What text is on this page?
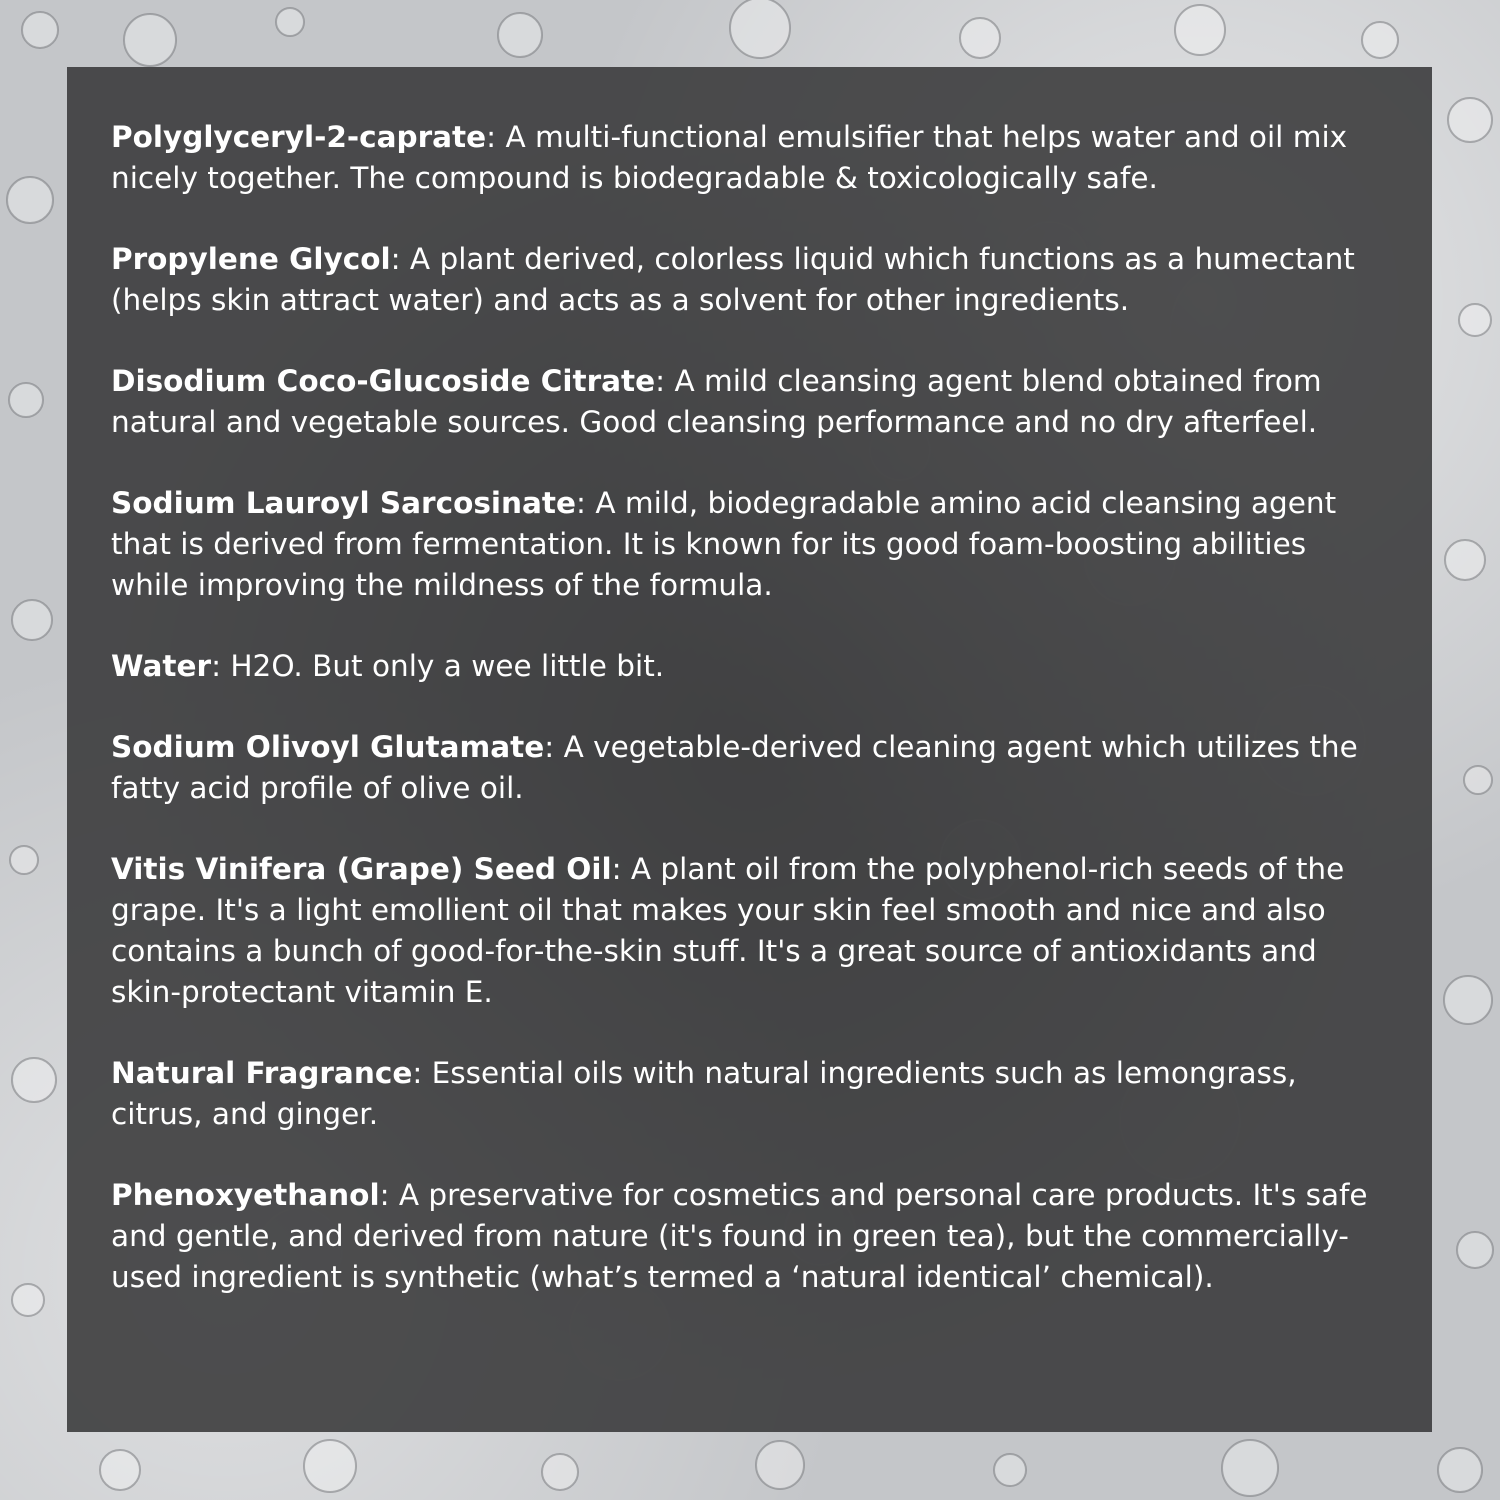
Polyglyceryl-2-caprate: A multi-functional emulsifier that helps water and oil mix nicely together. The compound is biodegradable & toxicologically safe.

Propylene Glycol: A plant derived, colorless liquid which functions as a humectant (helps skin attract water) and acts as a solvent for other ingredients.

Disodium Coco-Glucoside Citrate: A mild cleansing agent blend obtained from natural and vegetable sources. Good cleansing performance and no dry afterfeel.

Sodium Lauroyl Sarcosinate: A mild, biodegradable amino acid cleansing agent that is derived from fermentation. It is known for its good foam-boosting abilities while improving the mildness of the formula.

Water: H2O. But only a wee little bit.

Sodium Olivoyl Glutamate: A vegetable-derived cleaning agent which utilizes the fatty acid profile of olive oil.

Vitis Vinifera (Grape) Seed Oil: A plant oil from the polyphenol-rich seeds of the grape. It's a light emollient oil that makes your skin feel smooth and nice and also contains a bunch of good-for-the-skin stuff. It's a great source of antioxidants and skin-protectant vitamin E.

Natural Fragrance: Essential oils with natural ingredients such as lemongrass, citrus, and ginger.

Phenoxyethanol: A preservative for cosmetics and personal care products. It's safe and gentle, and derived from nature (it's found in green tea), but the commercially-used ingredient is synthetic (what’s termed a ‘natural identical’ chemical).
